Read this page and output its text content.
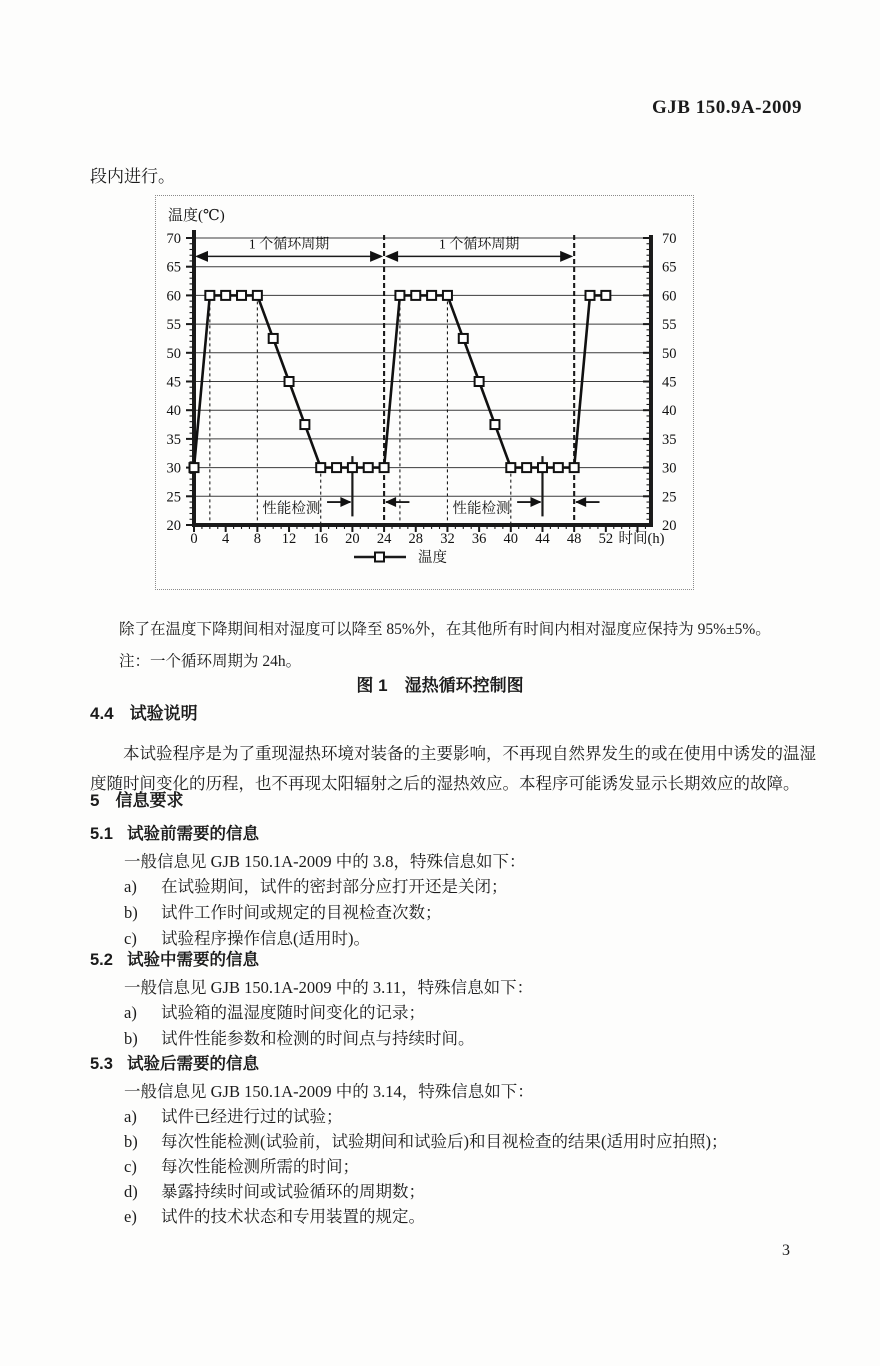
GJB 150.9A-2009

段内进行。

20	20
25	25
30	30
35	35
40	40
45	45
50	50
55	55
60	60
65	65
70	70
0 4 8 12 16 20 24 28 32 36 40 44 48 52 时间(h)
温度(℃)
1 个循环周期	1 个循环周期
性能检测	性能检测
温度

除了在温度下降期间相对湿度可以降至 85%外，在其他所有时间内相对湿度应保持为 95%±5%。

注：一个循环周期为 24h。

图 1　湿热循环控制图
4.4 试验说明

本试验程序是为了重现湿热环境对装备的主要影响，不再现自然界发生的或在使用中诱发的温湿度随时间变化的历程，也不再现太阳辐射之后的湿热效应。本程序可能诱发显示长期效应的故障。

5 信息要求
5.1 试验前需要的信息

一般信息见 GJB 150.1A-2009 中的 3.8，特殊信息如下：

a)	在试验期间，试件的密封部分应打开还是关闭；
b)	试件工作时间或规定的目视检查次数；
c)	试验程序操作信息(适用时)。
5.2 试验中需要的信息

一般信息见 GJB 150.1A-2009 中的 3.11，特殊信息如下：

a)	试验箱的温湿度随时间变化的记录；
b)	试件性能参数和检测的时间点与持续时间。
5.3 试验后需要的信息

一般信息见 GJB 150.1A-2009 中的 3.14，特殊信息如下：

a)	试件已经进行过的试验；
b)	每次性能检测(试验前，试验期间和试验后)和目视检查的结果(适用时应拍照)；
c)	每次性能检测所需的时间；
d)	暴露持续时间或试验循环的周期数；
e)	试件的技术状态和专用装置的规定。
3
